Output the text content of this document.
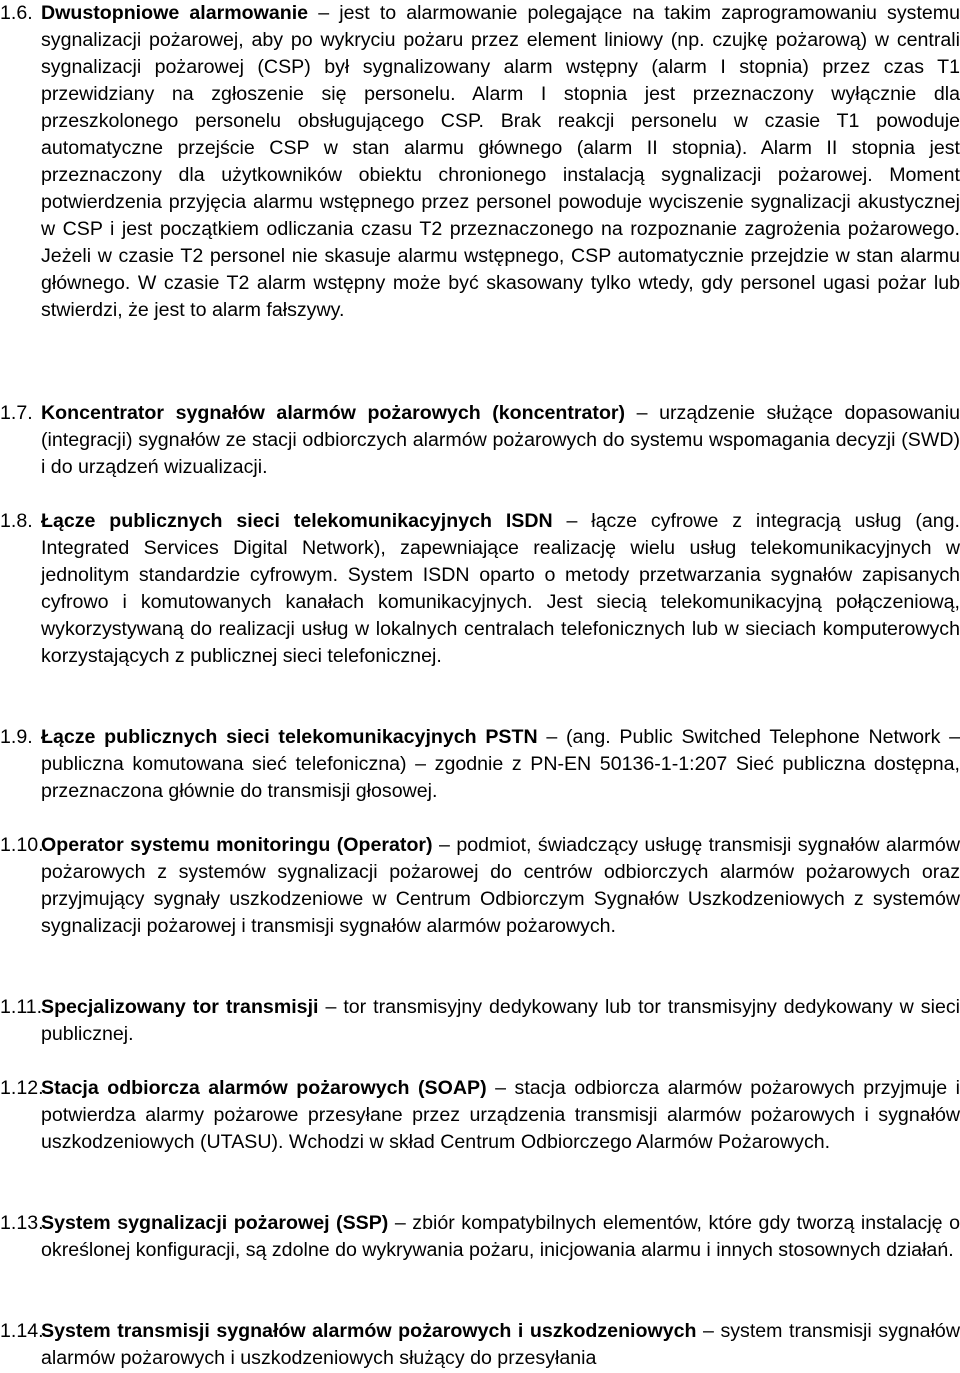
1.6. Dwustopniowe alarmowanie – jest to alarmowanie polegające na takim zaprogramowaniu systemu sygnalizacji pożarowej, aby po wykryciu pożaru przez element liniowy (np. czujkę pożarową) w centrali sygnalizacji pożarowej (CSP) był sygnalizowany alarm wstępny (alarm I stopnia) przez czas T1 przewidziany na zgłoszenie się personelu. Alarm I stopnia jest przeznaczony wyłącznie dla przeszkolonego personelu obsługującego CSP. Brak reakcji personelu w czasie T1 powoduje automatyczne przejście CSP w stan alarmu głównego (alarm II stopnia). Alarm II stopnia jest przeznaczony dla użytkowników obiektu chronionego instalacją sygnalizacji pożarowej. Moment potwierdzenia przyjęcia alarmu wstępnego przez personel powoduje wyciszenie sygnalizacji akustycznej w CSP i jest początkiem odliczania czasu T2 przeznaczonego na rozpoznanie zagrożenia pożarowego. Jeżeli w czasie T2 personel nie skasuje alarmu wstępnego, CSP automatycznie przejdzie w stan alarmu głównego. W czasie T2 alarm wstępny może być skasowany tylko wtedy, gdy personel ugasi pożar lub stwierdzi, że jest to alarm fałszywy.
1.7. Koncentrator sygnałów alarmów pożarowych (koncentrator) – urządzenie służące dopasowaniu (integracji) sygnałów ze stacji odbiorczych alarmów pożarowych do systemu wspomagania decyzji (SWD) i do urządzeń wizualizacji.
1.8. Łącze publicznych sieci telekomunikacyjnych ISDN – łącze cyfrowe z integracją usług (ang. Integrated Services Digital Network), zapewniające realizację wielu usług telekomunikacyjnych w jednolitym standardzie cyfrowym. System ISDN oparto o metody przetwarzania sygnałów zapisanych cyfrowo i komutowanych kanałach komunikacyjnych. Jest siecią telekomunikacyjną połączeniową, wykorzystywaną do realizacji usług w lokalnych centralach telefonicznych lub w sieciach komputerowych korzystających z publicznej sieci telefonicznej.
1.9. Łącze publicznych sieci telekomunikacyjnych PSTN – (ang. Public Switched Telephone Network – publiczna komutowana sieć telefoniczna) – zgodnie z PN-EN 50136-1-1:207 Sieć publiczna dostępna, przeznaczona głównie do transmisji głosowej.
1.10.
Operator systemu monitoringu (Operator) – podmiot, świadczący usługę transmisji sygnałów alarmów pożarowych z systemów sygnalizacji pożarowej do centrów odbiorczych alarmów pożarowych oraz przyjmujący sygnały uszkodzeniowe w Centrum Odbiorczym Sygnałów Uszkodzeniowych z systemów sygnalizacji pożarowej i transmisji sygnałów alarmów pożarowych.
1.11.
Specjalizowany tor transmisji – tor transmisyjny dedykowany lub tor transmisyjny dedykowany w sieci publicznej.
1.12.
Stacja odbiorcza alarmów pożarowych (SOAP) – stacja odbiorcza alarmów pożarowych przyjmuje i potwierdza alarmy pożarowe przesyłane przez urządzenia transmisji alarmów pożarowych i sygnałów uszkodzeniowych (UTASU). Wchodzi w skład Centrum Odbiorczego Alarmów Pożarowych.
1.13.
System sygnalizacji pożarowej (SSP) – zbiór kompatybilnych elementów, które gdy tworzą instalację o określonej konfiguracji, są zdolne do wykrywania pożaru, inicjowania alarmu i innych stosownych działań.
1.14.
System transmisji sygnałów alarmów pożarowych i uszkodzeniowych – system transmisji sygnałów alarmów pożarowych i uszkodzeniowych służący do przesyłania
